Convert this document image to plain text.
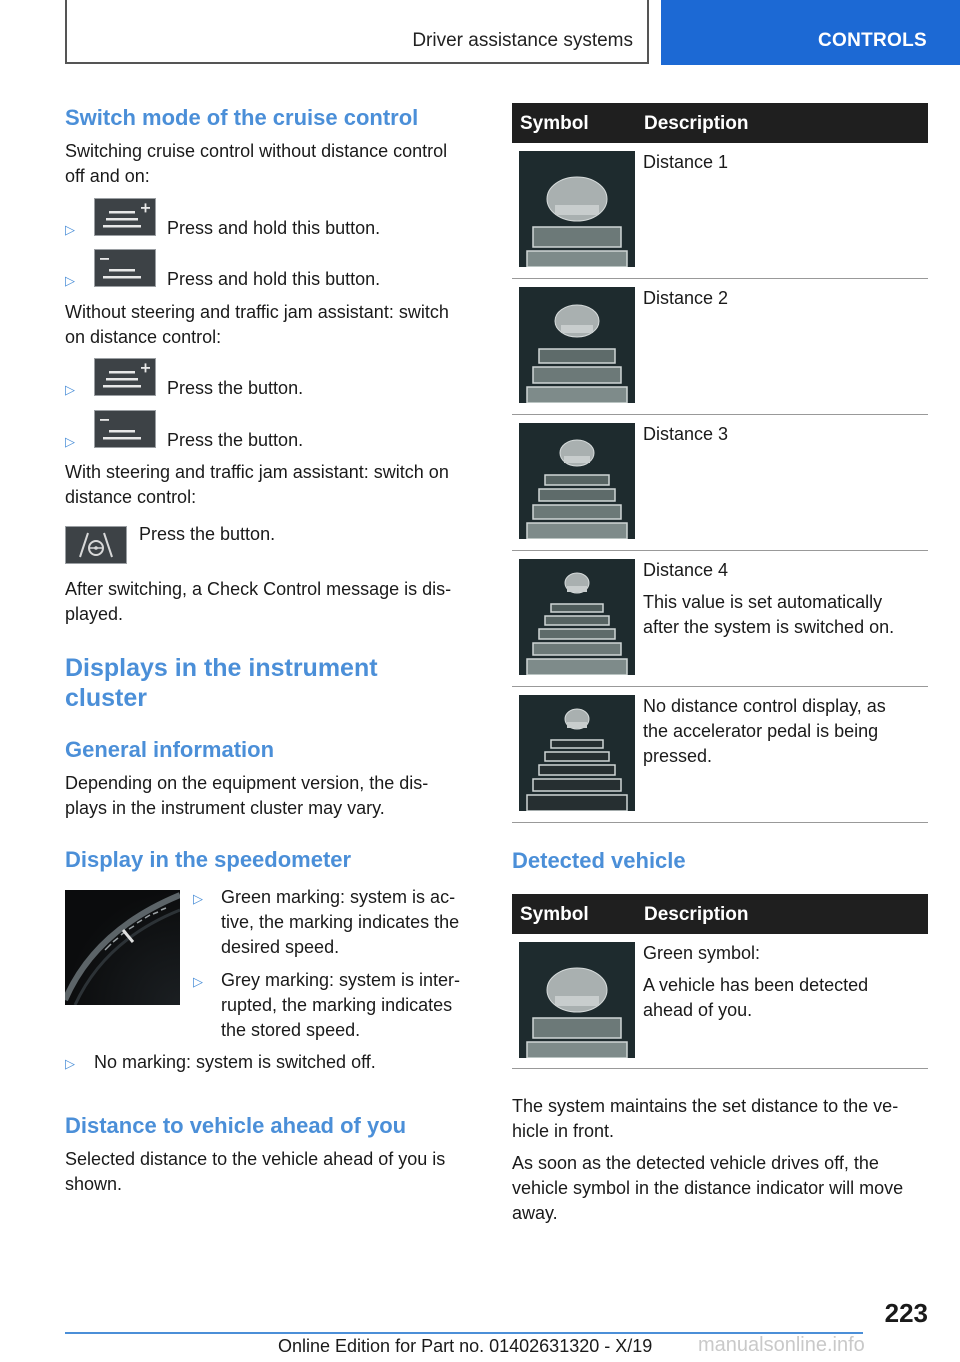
Driver assistance systems	CONTROLS
Switch mode of the cruise control
Switching cruise control without distance control
off and on:
▷	Press and hold this button.
▷	Press and hold this button.
Without steering and traffic jam assistant: switch
on distance control:
▷	Press the button.
▷	Press the button.
With steering and traffic jam assistant: switch on
distance control:
Press the button.
After switching, a Check Control message is dis-
played.
Displays in the instrument
cluster
General information
Depending on the equipment version, the dis-
plays in the instrument cluster may vary.
Display in the speedometer
▷ Green marking: system is ac-
tive, the marking indicates the
desired speed.
▷ Grey marking: system is inter-
rupted, the marking indicates
the stored speed.
▷ No marking: system is switched off.
Distance to vehicle ahead of you
Selected distance to the vehicle ahead of you is
shown.
Symbol	Description
Distance 1
Distance 2
Distance 3
Distance 4
This value is set automatically
after the system is switched on.
No distance control display, as
the accelerator pedal is being
pressed.
Detected vehicle
Symbol	Description
Green symbol:
A vehicle has been detected
ahead of you.
The system maintains the set distance to the ve-
hicle in front.
As soon as the detected vehicle drives off, the
vehicle symbol in the distance indicator will move
away.
223
Online Edition for Part no. 01402631320 - X/19 manualsonline.info
